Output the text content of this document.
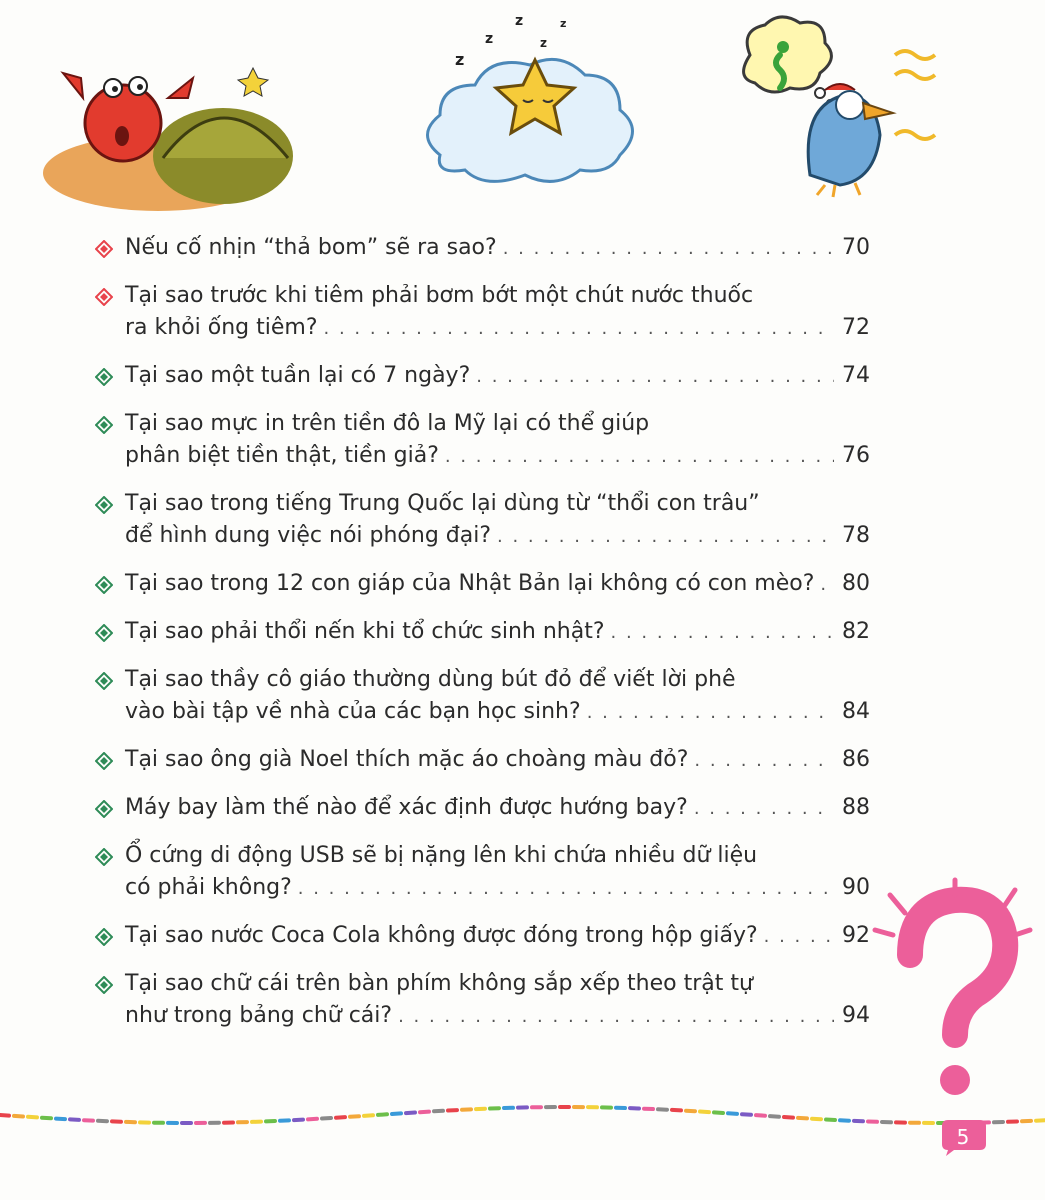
z
z
z
z
z
Nếu cố nhịn “thả bom” sẽ ra sao? . . .	70
Tại sao trước khi tiêm phải bơm bớt một chút nước thuốc
ra khỏi ống tiêm? . . .	72
Tại sao một tuần lại có 7 ngày? . . .	74
Tại sao mực in trên tiền đô la Mỹ lại có thể giúp
phân biệt tiền thật, tiền giả? . . .	76
Tại sao trong tiếng Trung Quốc lại dùng từ “thổi con trâu”
để hình dung việc nói phóng đại? . . .	78
Tại sao trong 12 con giáp của Nhật Bản lại không có con mèo? . . . 80
Tại sao phải thổi nến khi tổ chức sinh nhật? . . .	82
Tại sao thầy cô giáo thường dùng bút đỏ để viết lời phê
vào bài tập về nhà của các bạn học sinh? . . .	84
Tại sao ông già Noel thích mặc áo choàng màu đỏ? . . .	86
Máy bay làm thế nào để xác định được hướng bay? . . .	88
Ổ cứng di động USB sẽ bị nặng lên khi chứa nhiều dữ liệu
có phải không? . . .	90
Tại sao nước Coca Cola không được đóng trong hộp giấy? . . .	92
Tại sao chữ cái trên bàn phím không sắp xếp theo trật tự
như trong bảng chữ cái? . . .	94
5
